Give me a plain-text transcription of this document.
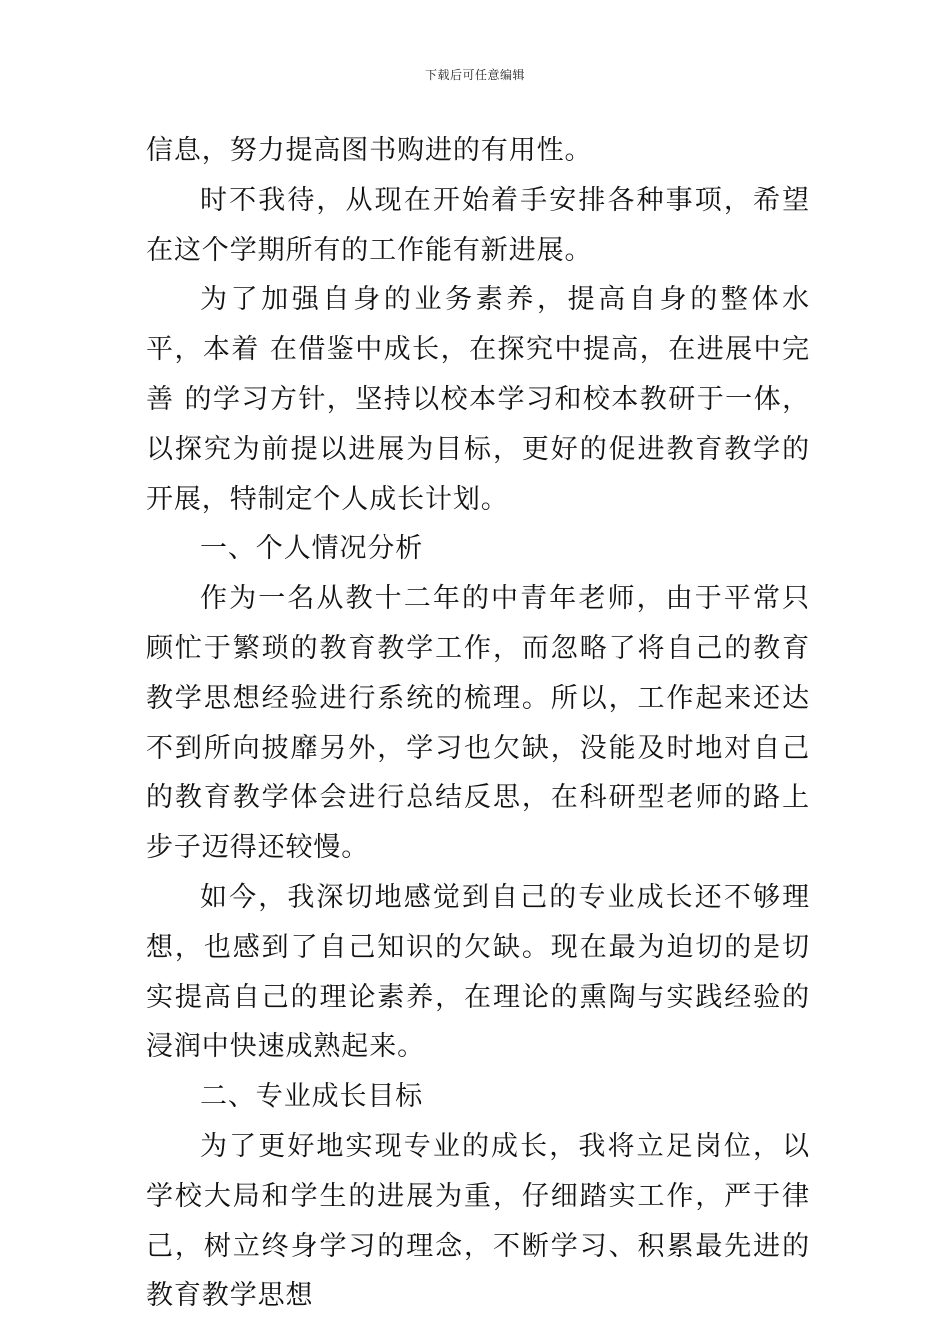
下载后可任意编辑

信息，努力提高图书购进的有用性。

时不我待，从现在开始着手安排各种事项，希望在这个学期所有的工作能有新进展。

为了加强自身的业务素养，提高自身的整体水平，本着 在借鉴中成长，在探究中提高，在进展中完善 的学习方针，坚持以校本学习和校本教研于一体，以探究为前提以进展为目标，更好的促进教育教学的开展，特制定个人成长计划。

一、个人情况分析

作为一名从教十二年的中青年老师，由于平常只顾忙于繁琐的教育教学工作，而忽略了将自己的教育教学思想经验进行系统的梳理。所以，工作起来还达不到所向披靡另外，学习也欠缺，没能及时地对自己的教育教学体会进行总结反思，在科研型老师的路上步子迈得还较慢。

如今，我深切地感觉到自己的专业成长还不够理想，也感到了自己知识的欠缺。现在最为迫切的是切实提高自己的理论素养，在理论的熏陶与实践经验的浸润中快速成熟起来。

二、专业成长目标

为了更好地实现专业的成长，我将立足岗位，以学校大局和学生的进展为重，仔细踏实工作，严于律己，树立终身学习的理念，不断学习、积累最先进的教育教学思想
